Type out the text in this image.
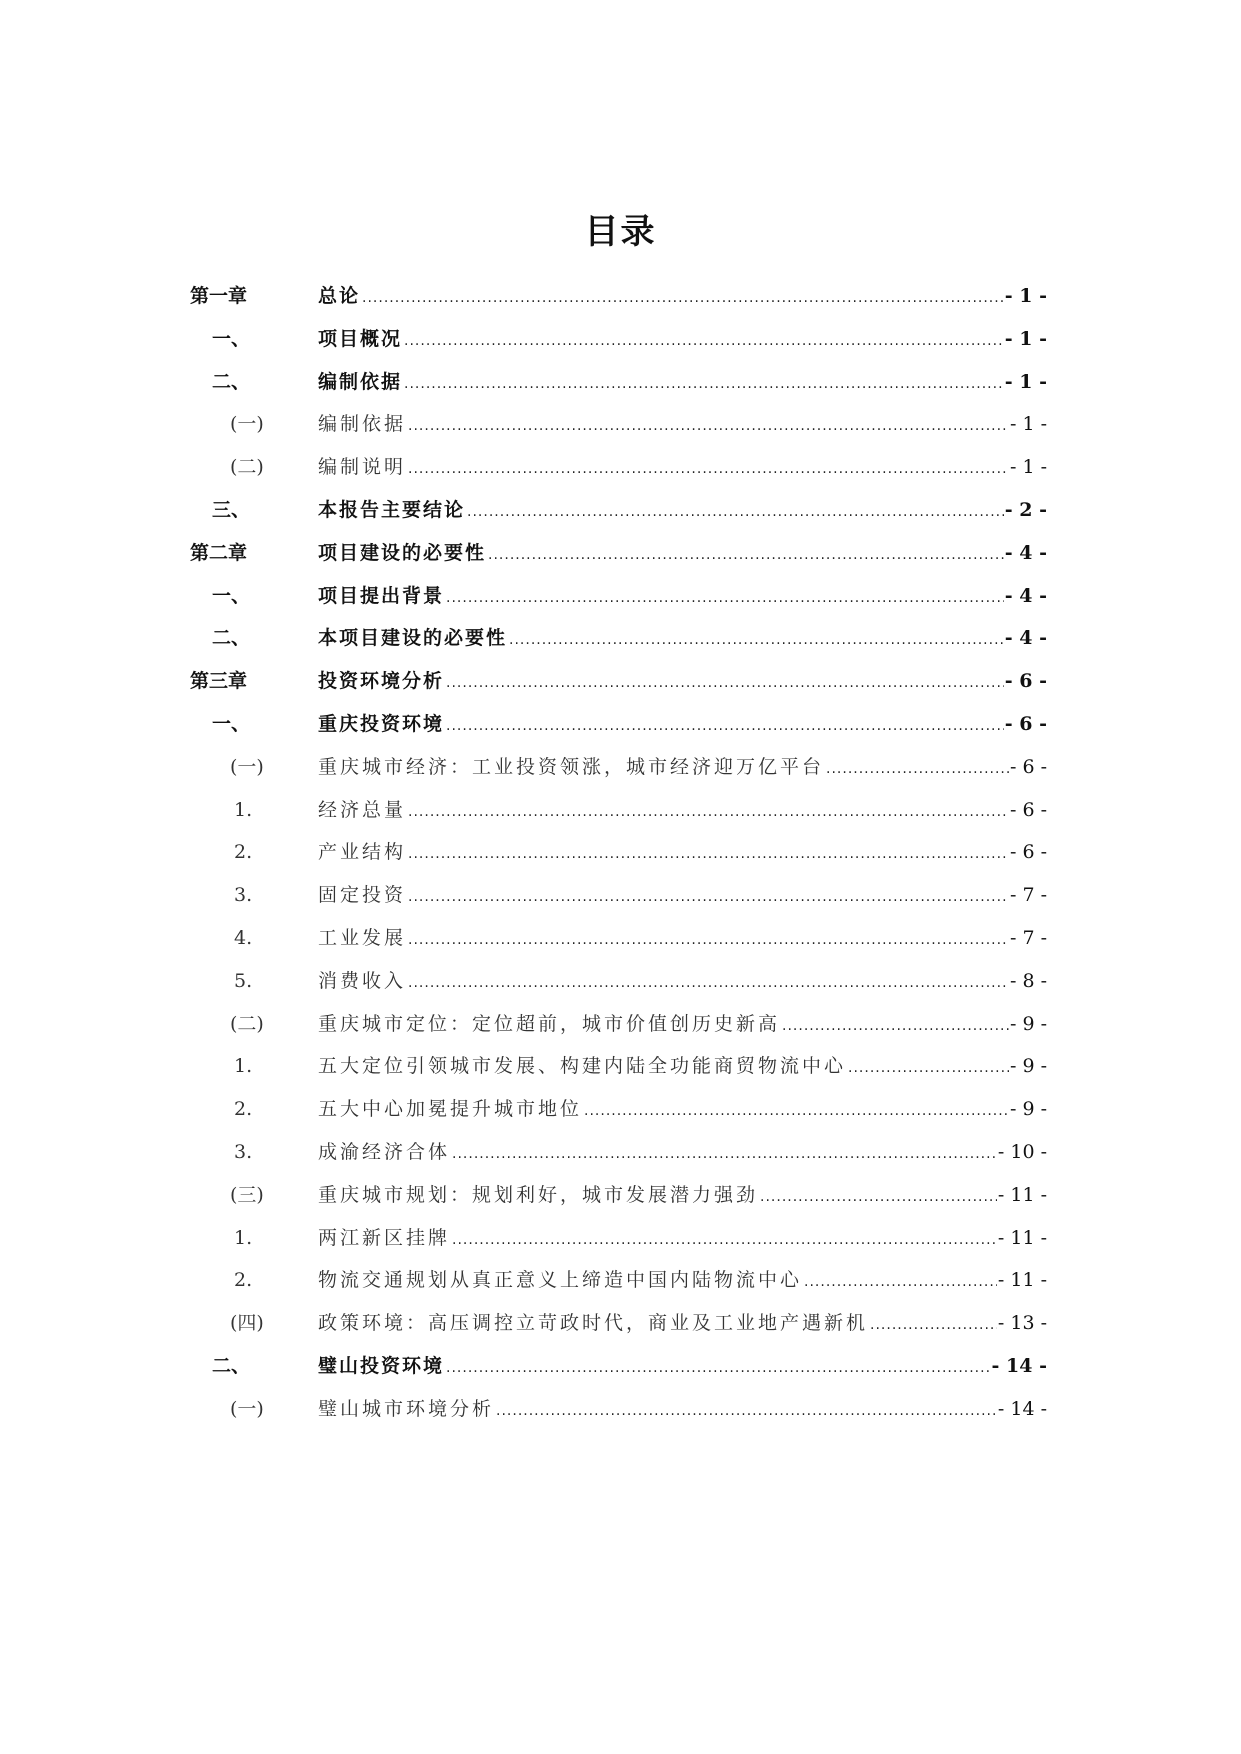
目录
第一章	总论 .....	- 1 -
一、	项目概况 .....	- 1 -
二、	编制依据 .....	- 1 -
(一)	编制依据 .....	- 1 -
(二)	编制说明 .....	- 1 -
三、	本报告主要结论 .....	- 2 -
第二章	项目建设的必要性 .....	- 4 -
一、	项目提出背景 .....	- 4 -
二、	本项目建设的必要性 .....	- 4 -
第三章	投资环境分析 .....	- 6 -
一、	重庆投资环境 .....	- 6 -
(一)	重庆城市经济：工业投资领涨，城市经济迎万亿平台 .....	- 6 -
1.	经济总量 .....	- 6 -
2.	产业结构 .....	- 6 -
3.	固定投资 .....	- 7 -
4.	工业发展 .....	- 7 -
5.	消费收入 .....	- 8 -
(二)	重庆城市定位：定位超前，城市价值创历史新高 .....	- 9 -
1.	五大定位引领城市发展、构建内陆全功能商贸物流中心 .....	- 9 -
2.	五大中心加冕提升城市地位 .....	- 9 -
3.	成渝经济合体 .....	- 10 -
(三)	重庆城市规划：规划利好，城市发展潜力强劲 .....	- 11 -
1.	两江新区挂牌 .....	- 11 -
2.	物流交通规划从真正意义上缔造中国内陆物流中心 .....	- 11 -
(四)	政策环境：高压调控立苛政时代，商业及工业地产遇新机 .....	- 13 -
二、	璧山投资环境 .....	- 14 -
(一)	璧山城市环境分析 .....	- 14 -
